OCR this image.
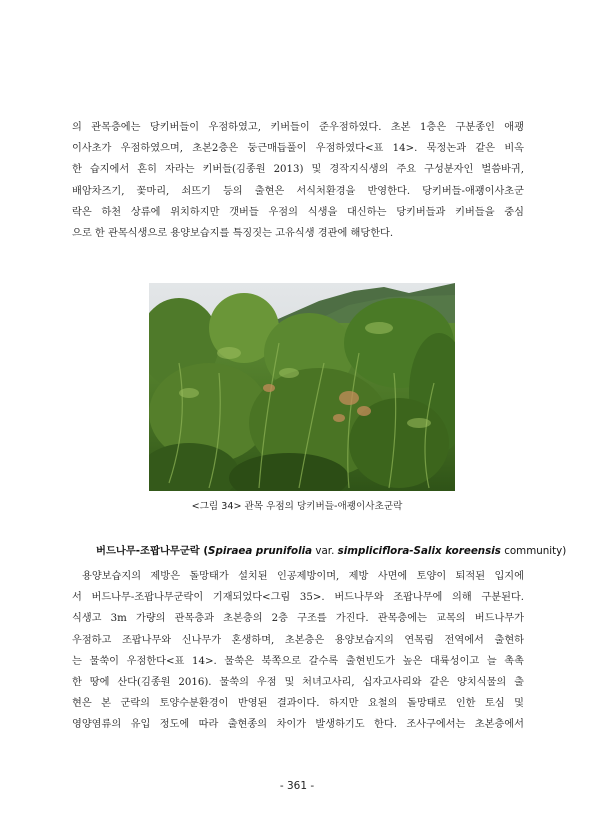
의 관목층에는 당키버들이 우점하였고, 키버들이 준우점하였다. 초본 1층은 구분종인 애괭
이사초가 우점하였으며, 초본2층은 둥근매듭풀이 우점하였다<표 14>. 묵정논과 같은 비옥
한 습지에서 흔히 자라는 키버들(김종원 2013) 및 경작지식생의 주요 구성분자인 벌씀바귀,
배암차즈기, 꽃마리, 쇠뜨기 등의 출현은 서식처환경을 반영한다. 당키버들-애괭이사초군
락은 하천 상류에 위치하지만 갯버들 우점의 식생을 대신하는 당키버들과 키버들을 중심
으로 한 관목식생으로 용양보습지를 특징짓는 고유식생 경관에 해당한다.
<그림 34> 관목 우점의 당키버들-애괭이사초군락
버드나무-조팝나무군락 (Spiraea prunifolia var. simpliciflora-Salix koreensis community)
용양보습지의 제방은 돌망태가 설치된 인공제방이며, 제방 사면에 토양이 퇴적된 입지에
서 버드나무-조팝나무군락이 기재되었다<그림 35>. 버드나무와 조팝나무에 의해 구분된다.
식생고 3m 가량의 관목층과 초본층의 2층 구조를 가진다. 관목층에는 교목의 버드나무가
우점하고 조팝나무와 신나무가 혼생하며, 초본층은 용양보습지의 연목림 전역에서 출현하
는 물쑥이 우점한다<표 14>. 물쑥은 북쪽으로 갈수록 출현빈도가 높은 대륙성이고 늘 촉촉
한 땅에 산다(김종원 2016). 물쑥의 우점 및 처녀고사리, 십자고사리와 같은 양치식물의 출
현은 본 군락의 토양수분환경이 반영된 결과이다. 하지만 요철의 돌망태로 인한 토심 및
영양염류의 유입 정도에 따라 출현종의 차이가 발생하기도 한다. 조사구에서는 초본층에서
- 361 -
